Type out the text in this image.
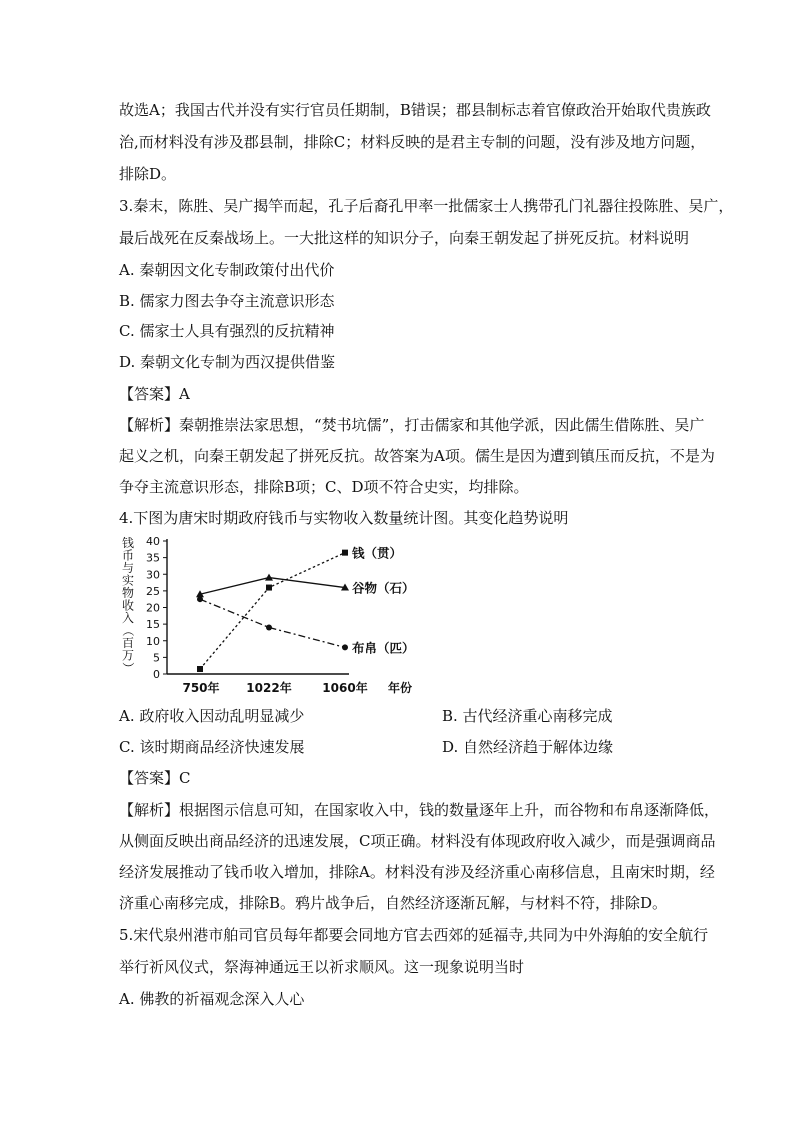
故选A；我国古代并没有实行官员任期制，B错误；郡县制标志着官僚政治开始取代贵族政
治,而材料没有涉及郡县制，排除C；材料反映的是君主专制的问题，没有涉及地方问题，
排除D。
3.秦末，陈胜、吴广揭竿而起，孔子后裔孔甲率一批儒家士人携带孔门礼器往投陈胜、吴广，
最后战死在反秦战场上。一大批这样的知识分子，向秦王朝发起了拼死反抗。材料说明
A. 秦朝因文化专制政策付出代价
B. 儒家力图去争夺主流意识形态
C. 儒家士人具有强烈的反抗精神
D. 秦朝文化专制为西汉提供借鉴
【答案】A
【解析】秦朝推崇法家思想，“焚书坑儒”，打击儒家和其他学派，因此儒生借陈胜、吴广
起义之机，向秦王朝发起了拼死反抗。故答案为A项。儒生是因为遭到镇压而反抗，不是为
争夺主流意识形态，排除B项；C、D项不符合史实，均排除。
4.下图为唐宋时期政府钱币与实物收入数量统计图。其变化趋势说明
0
5
10
15
20
25
30
35
40
钱
币
与
实
物
收
入
（
百
万
）
750年 1022年	1060年 年份
钱（贯）
谷物（石）
布帛（匹）
A. 政府收入因动乱明显减少	B. 古代经济重心南移完成
C. 该时期商品经济快速发展	D. 自然经济趋于解体边缘
【答案】C
【解析】根据图示信息可知，在国家收入中，钱的数量逐年上升，而谷物和布帛逐渐降低，
从侧面反映出商品经济的迅速发展，C项正确。材料没有体现政府收入减少，而是强调商品
经济发展推动了钱币收入增加，排除A。材料没有涉及经济重心南移信息，且南宋时期，经
济重心南移完成，排除B。鸦片战争后，自然经济逐渐瓦解，与材料不符，排除D。
5.宋代泉州港市舶司官员每年都要会同地方官去西郊的延福寺,共同为中外海舶的安全航行
举行祈风仪式，祭海神通远王以祈求顺风。这一现象说明当时
A. 佛教的祈福观念深入人心
